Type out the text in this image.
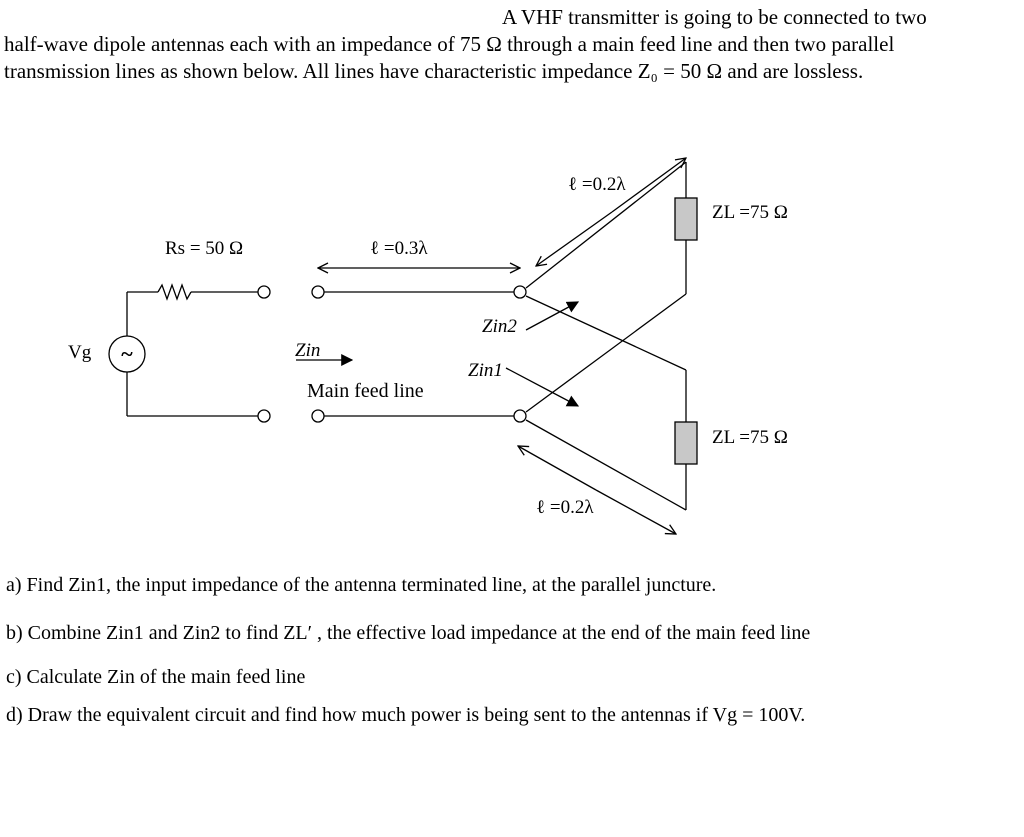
A VHF transmitter is going to be connected to two
half-wave dipole antennas each with an impedance of 75 Ω through a main feed line and then two parallel
transmission lines as shown below. All lines have characteristic impedance Z₀ = 50 Ω and are lossless.

Vg ~
Rs = 50 Ω	ℓ =0.3λ
Zin
Main feed line
Zin2
Zin1
ℓ =0.2λ
ℓ =0.2λ
ZL =75 Ω
ZL =75 Ω

a) Find Zin1, the input impedance of the antenna terminated line, at the parallel juncture.

b) Combine Zin1 and Zin2 to find ZL′ , the effective load impedance at the end of the main feed line

c) Calculate Zin of the main feed line

d) Draw the equivalent circuit and find how much power is being sent to the antennas if Vg = 100V.
